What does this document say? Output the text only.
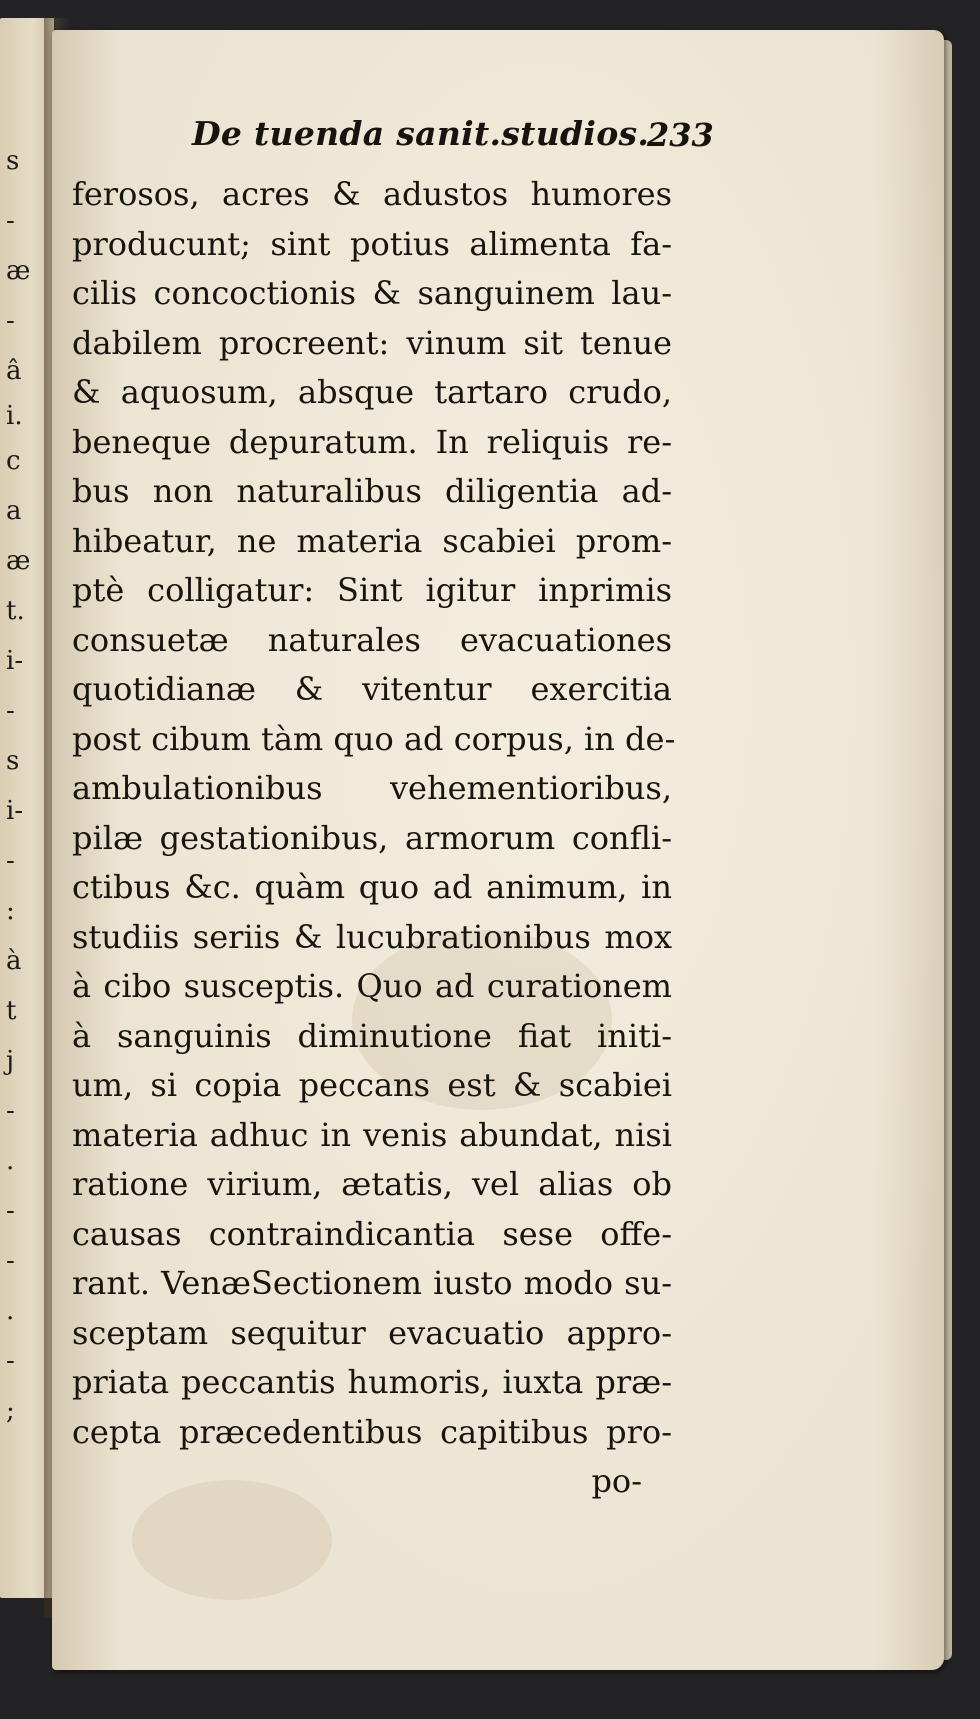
s
-
æ
-
â
i.
c
a
æ
t.
i-
-
s
i-
-
:
à
t
j
-
.
-
-
.
-
;
De tuenda sanit.studios.
233
ferosos, acres & adustos humores
producunt; sint potius alimenta fa-
cilis concoctionis & sanguinem lau-
dabilem procreent: vinum sit tenue
& aquosum, absque tartaro crudo,
beneque depuratum. In reliquis re-
bus non naturalibus diligentia ad-
hibeatur, ne materia scabiei prom-
ptè colligatur: Sint igitur inprimis
consuetæ naturales evacuationes
quotidianæ & vitentur exercitia
post cibum tàm quo ad corpus, in de-
ambulationibus vehementioribus,
pilæ gestationibus, armorum confli-
ctibus &c. quàm quo ad animum, in
studiis seriis & lucubrationibus mox
à cibo susceptis. Quo ad curationem
à sanguinis diminutione fiat initi-
um, si copia peccans est & scabiei
materia adhuc in venis abundat, nisi
ratione virium, ætatis, vel alias ob
causas contraindicantia sese offe-
rant. VenæSectionem iusto modo su-
sceptam sequitur evacuatio appro-
priata peccantis humoris, iuxta præ-
cepta præcedentibus capitibus pro-
po-
